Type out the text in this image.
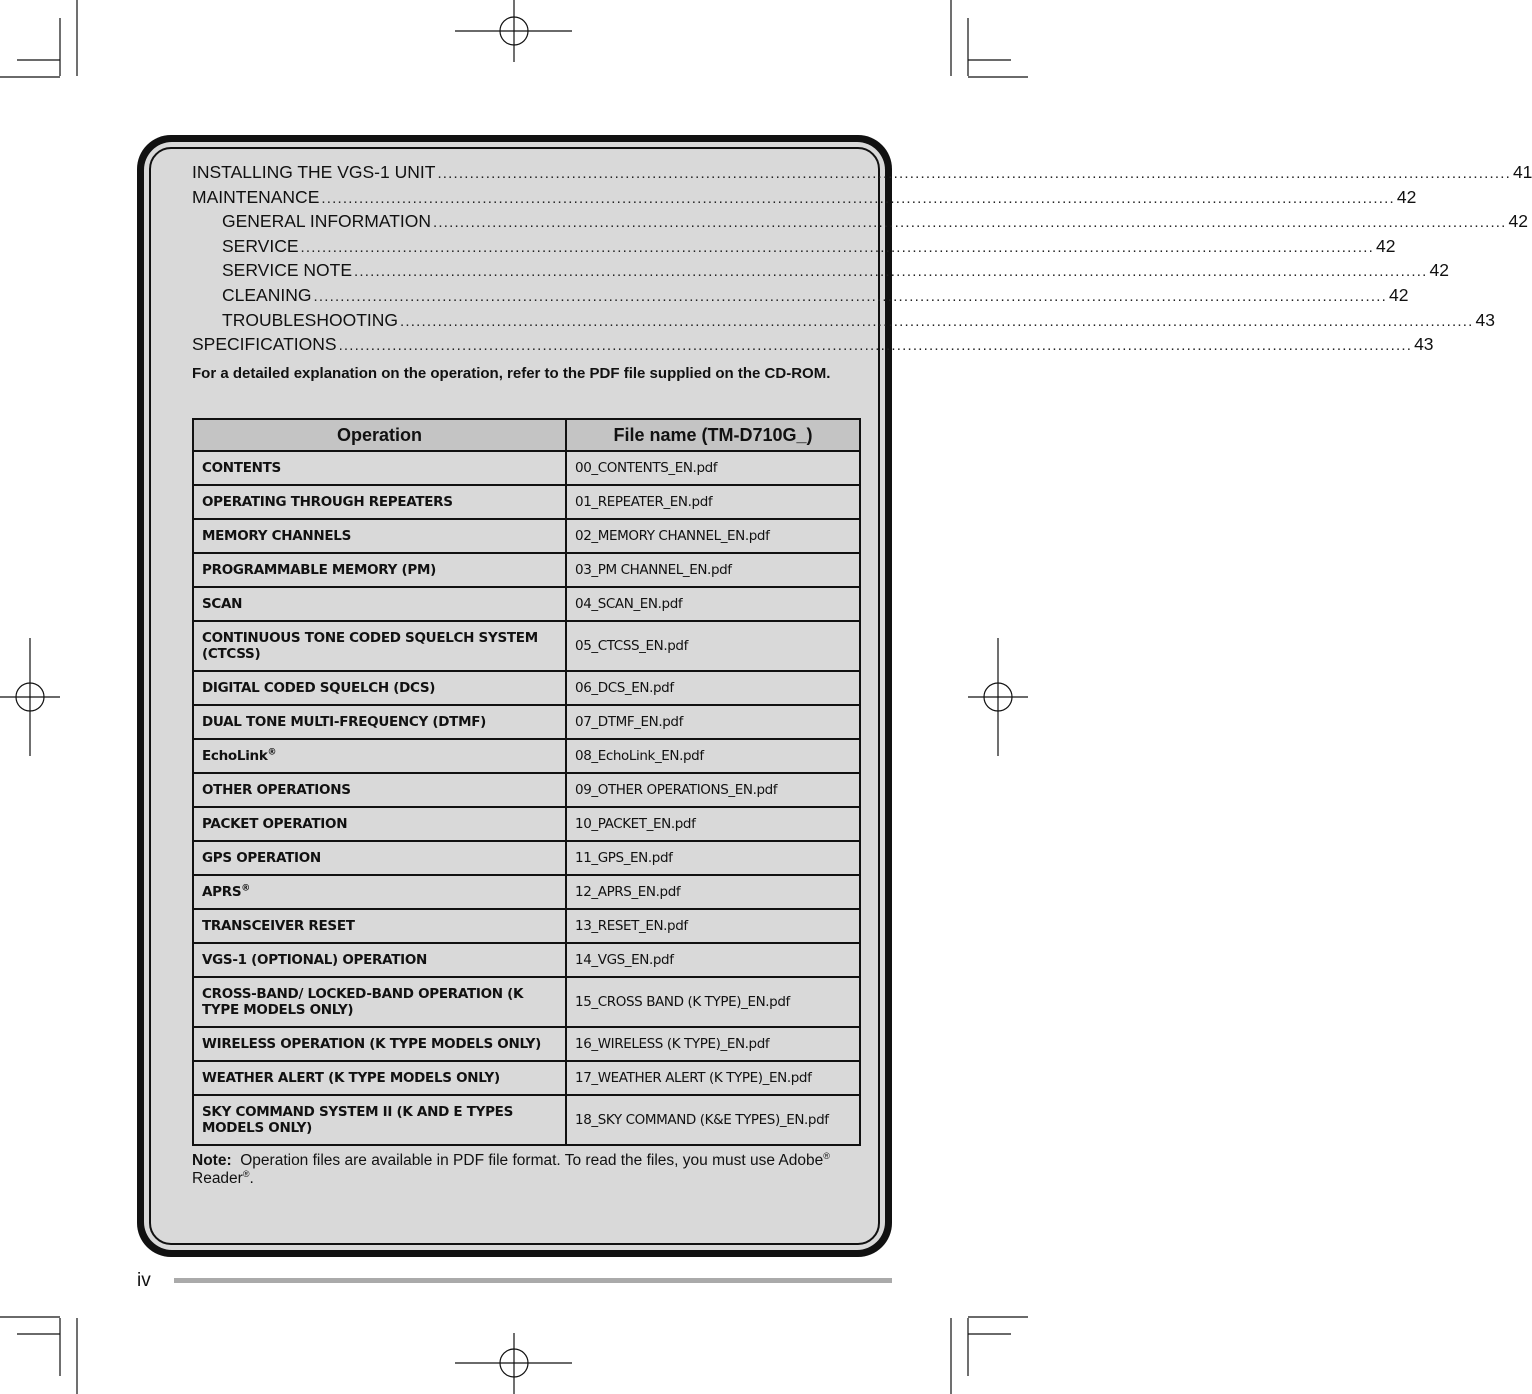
INSTALLING THE VGS-1 UNIT ........................................................................................................................................................................................................ 41
MAINTENANCE ........................................................................................................................................................................................................ 42
GENERAL INFORMATION ........................................................................................................................................................................................................ 42
SERVICE ........................................................................................................................................................................................................ 42
SERVICE NOTE ........................................................................................................................................................................................................ 42
CLEANING ........................................................................................................................................................................................................ 42
TROUBLESHOOTING ........................................................................................................................................................................................................ 43
SPECIFICATIONS ........................................................................................................................................................................................................ 43
For a detailed explanation on the operation, refer to the PDF file supplied on the CD-ROM.
Operation	File name (TM-D710G_)
CONTENTS	00_CONTENTS_EN.pdf
OPERATING THROUGH REPEATERS	01_REPEATER_EN.pdf
MEMORY CHANNELS	02_MEMORY CHANNEL_EN.pdf
PROGRAMMABLE MEMORY (PM)	03_PM CHANNEL_EN.pdf
SCAN	04_SCAN_EN.pdf
CONTINUOUS TONE CODED SQUELCH SYSTEM (CTCSS)	05_CTCSS_EN.pdf
DIGITAL CODED SQUELCH (DCS)	06_DCS_EN.pdf
DUAL TONE MULTI-FREQUENCY (DTMF)	07_DTMF_EN.pdf
EchoLink®	08_EchoLink_EN.pdf
OTHER OPERATIONS	09_OTHER OPERATIONS_EN.pdf
PACKET OPERATION	10_PACKET_EN.pdf
GPS OPERATION	11_GPS_EN.pdf
APRS®	12_APRS_EN.pdf
TRANSCEIVER RESET	13_RESET_EN.pdf
VGS-1 (OPTIONAL) OPERATION	14_VGS_EN.pdf
CROSS-BAND/ LOCKED-BAND OPERATION (K TYPE MODELS ONLY)	15_CROSS BAND (K TYPE)_EN.pdf
WIRELESS OPERATION (K TYPE MODELS ONLY)	16_WIRELESS (K TYPE)_EN.pdf
WEATHER ALERT (K TYPE MODELS ONLY)	17_WEATHER ALERT (K TYPE)_EN.pdf
SKY COMMAND SYSTEM II (K AND E TYPES MODELS ONLY)	18_SKY COMMAND (K&E TYPES)_EN.pdf
Note: Operation files are available in PDF file format. To read the files, you must use Adobe® Reader®.
iv
